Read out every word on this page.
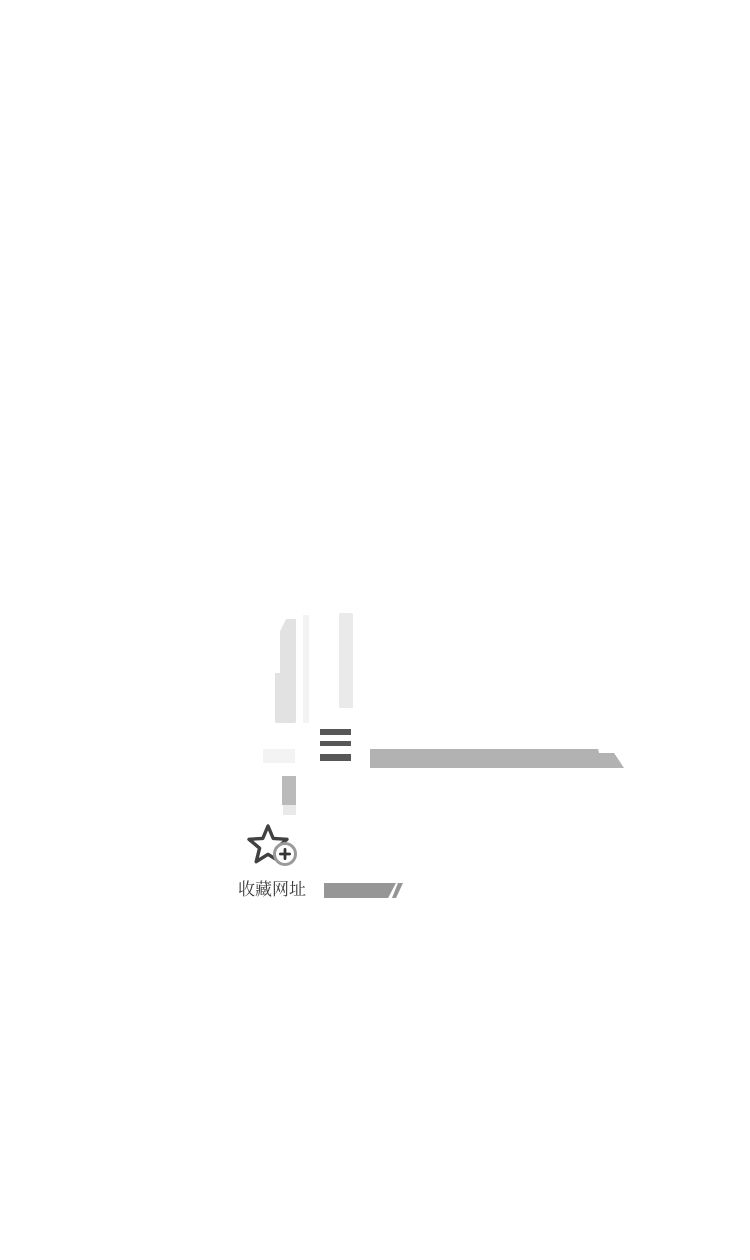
收藏网址
